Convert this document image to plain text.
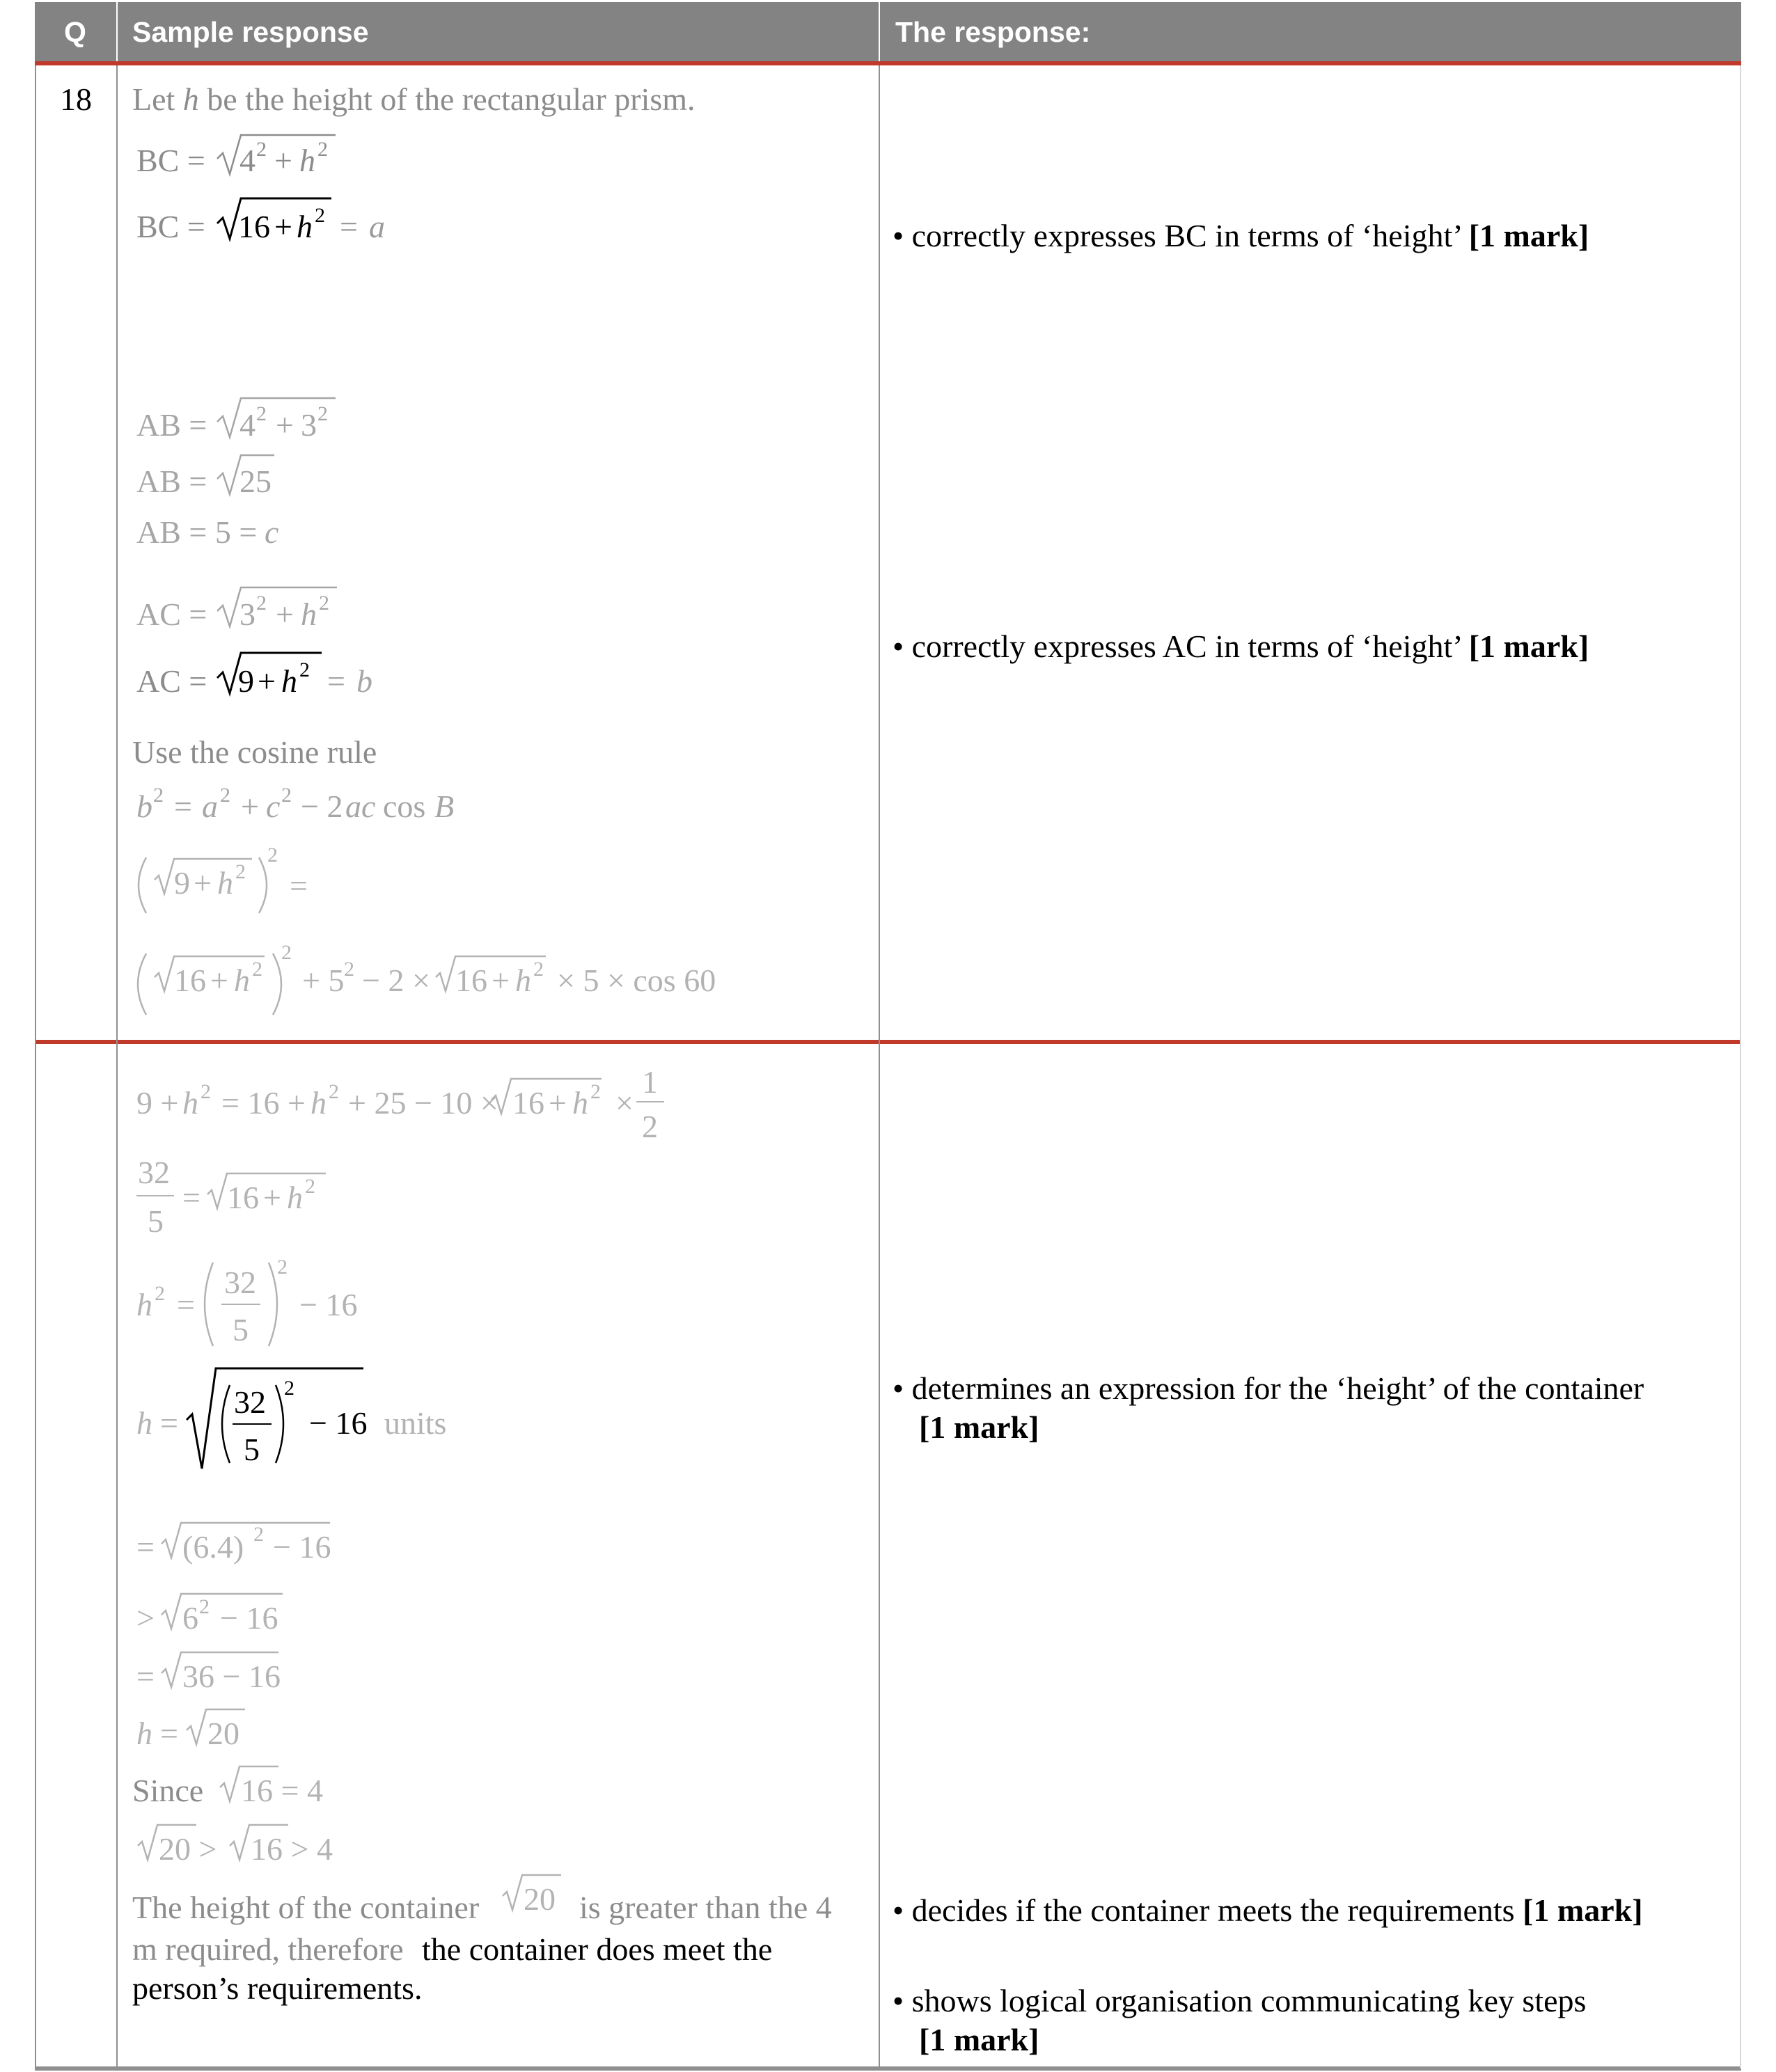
Q Sample response	The response:
18 Let h be the height of the rectangular prism.
BC = 4 2 + h 2
BC = 16 + h 2 = a
AB = 4 2 + 3 2
AB = 25
AB = 5 = c
AC = 3 2 + h 2
AC = 9 + h 2 = b
Use the cosine rule
b 2 = a 2 + c 2 − 2 ac cos B
9 + h 2
2
=
16 + h 2
2
+ 5 2 − 2 × 16 + h 2 × 5 × cos 60
9 + h 2 = 16 + h 2 + 25 − 10 × 16 + h 2 ×
1
2
32
5
= 16 + h 2
h 2 =
32
5
2
− 16
h =
32
5
2
− 16 units
= (6.4) 2 − 16
> 6 2 − 16
= 36 − 16
h = 20
Since 16 = 4
20 > 16 > 4
20
The height of the container	is greater than the 4
m required, therefore the container does meet the
person’s requirements.
• correctly expresses BC in terms of ‘height’ [1 mark]
• correctly expresses AC in terms of ‘height’ [1 mark]
• determines an expression for the ‘height’ of the container
[1 mark]
• decides if the container meets the requirements [1 mark]
• shows logical organisation communicating key steps
[1 mark]
